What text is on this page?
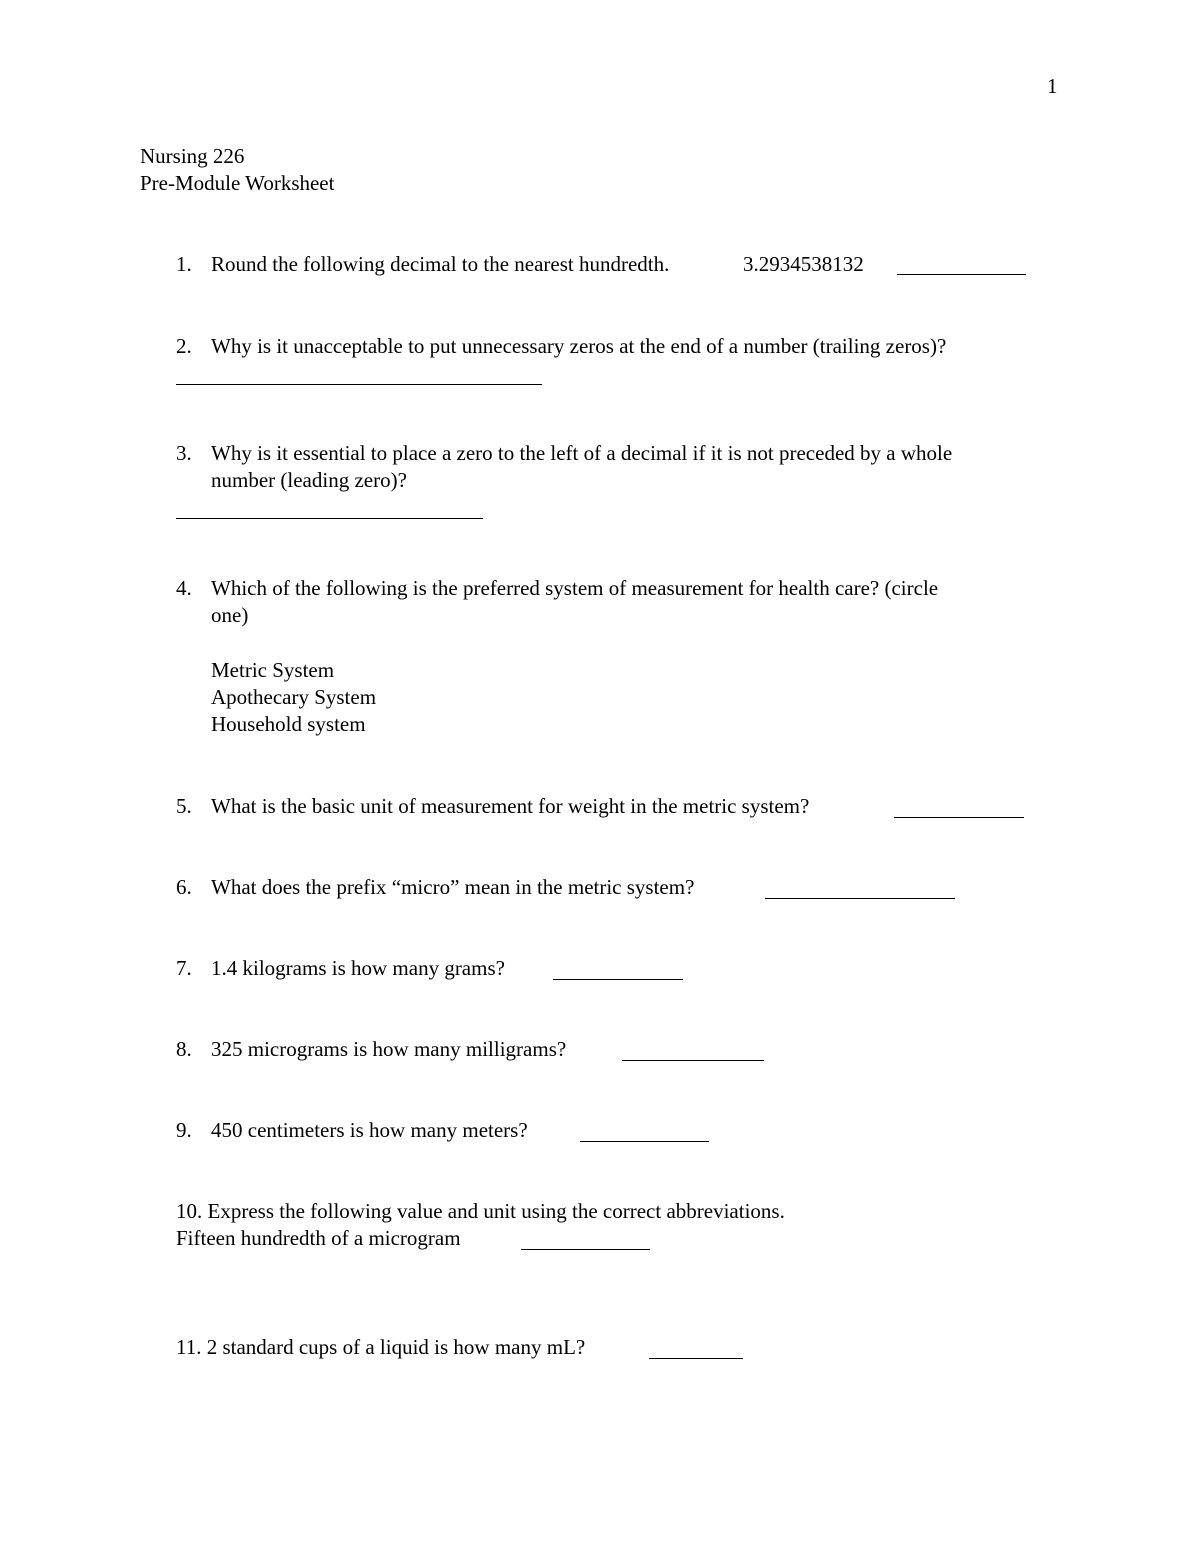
1
Nursing 226
Pre-Module Worksheet
1. Round the following decimal to the nearest hundredth.	3.2934538132
2. Why is it unacceptable to put unnecessary zeros at the end of a number (trailing zeros)?
3. Why is it essential to place a zero to the left of a decimal if it is not preceded by a whole
number (leading zero)?
4. Which of the following is the preferred system of measurement for health care? (circle
one)
Metric System
Apothecary System
Household system
5. What is the basic unit of measurement for weight in the metric system?
6. What does the prefix “micro” mean in the metric system?
7. 1.4 kilograms is how many grams?
8. 325 micrograms is how many milligrams?
9. 450 centimeters is how many meters?
10. Express the following value and unit using the correct abbreviations.
Fifteen hundredth of a microgram
11. 2 standard cups of a liquid is how many mL?
